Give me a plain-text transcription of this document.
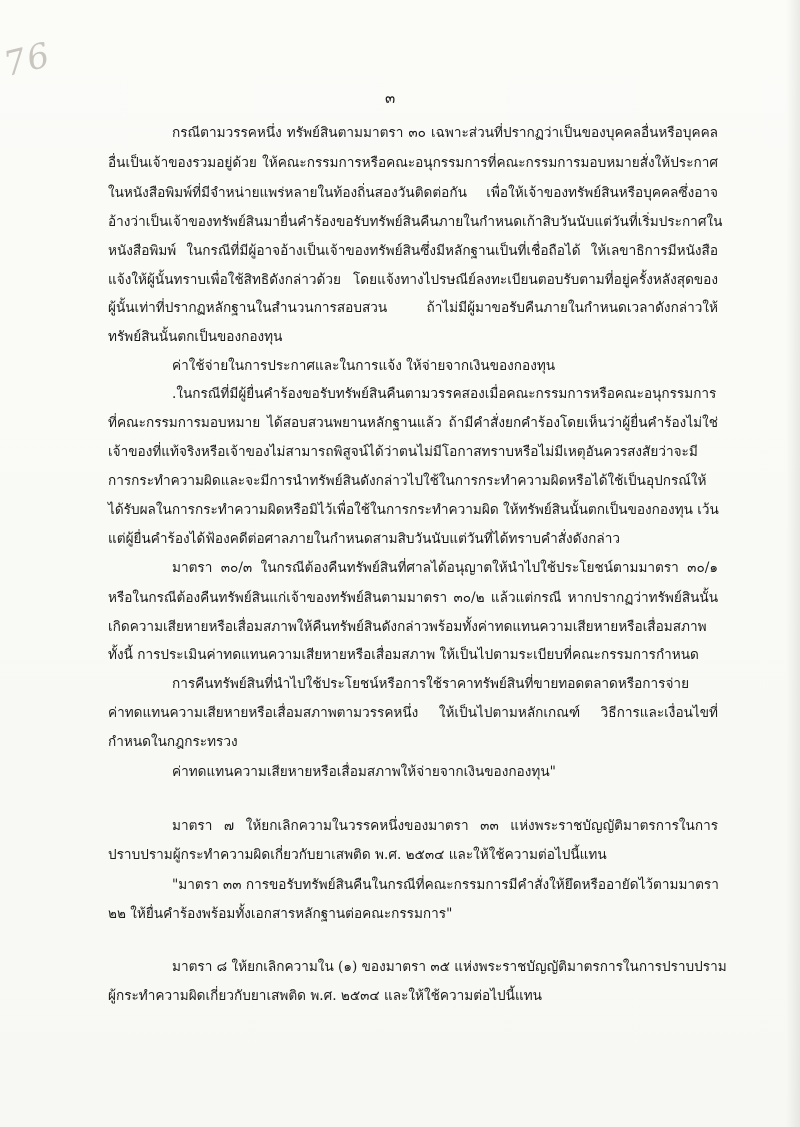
76
๓
กรณีตามวรรคหนึ่ง ทรัพย์สินตามมาตรา ๓๐ เฉพาะส่วนที่ปรากฏว่าเป็นของบุคคลอื่นหรือบุคคล
อื่นเป็นเจ้าของรวมอยู่ด้วย ให้คณะกรรมการหรือคณะอนุกรรมการที่คณะกรรมการมอบหมายสั่งให้ประกาศ
ในหนังสือพิมพ์ที่มีจำหน่ายแพร่หลายในท้องถิ่นสองวันติดต่อกัน เพื่อให้เจ้าของทรัพย์สินหรือบุคคลซึ่งอาจ
อ้างว่าเป็นเจ้าของทรัพย์สินมายื่นคำร้องขอรับทรัพย์สินคืนภายในกำหนดเก้าสิบวันนับแต่วันที่เริ่มประกาศใน
หนังสือพิมพ์ ในกรณีที่มีผู้อาจอ้างเป็นเจ้าของทรัพย์สินซึ่งมีหลักฐานเป็นที่เชื่อถือได้ ให้เลขาธิการมีหนังสือ
แจ้งให้ผู้นั้นทราบเพื่อใช้สิทธิดังกล่าวด้วย โดยแจ้งทางไปรษณีย์ลงทะเบียนตอบรับตามที่อยู่ครั้งหลังสุดของ
ผู้นั้นเท่าที่ปรากฏหลักฐานในสำนวนการสอบสวน ถ้าไม่มีผู้มาขอรับคืนภายในกำหนดเวลาดังกล่าวให้
ทรัพย์สินนั้นตกเป็นของกองทุน
ค่าใช้จ่ายในการประกาศและในการแจ้ง ให้จ่ายจากเงินของกองทุน
.ในกรณีที่มีผู้ยื่นคำร้องขอรับทรัพย์สินคืนตามวรรคสองเมื่อคณะกรรมการหรือคณะอนุกรรมการ
ที่คณะกรรมการมอบหมาย ได้สอบสวนพยานหลักฐานแล้ว ถ้ามีคำสั่งยกคำร้องโดยเห็นว่าผู้ยื่นคำร้องไม่ใช่
เจ้าของที่แท้จริงหรือเจ้าของไม่สามารถพิสูจน์ได้ว่าตนไม่มีโอกาสทราบหรือไม่มีเหตุอันควรสงสัยว่าจะมี
การกระทำความผิดและจะมีการนำทรัพย์สินดังกล่าวไปใช้ในการกระทำความผิดหรือได้ใช้เป็นอุปกรณ์ให้
ได้รับผลในการกระทำความผิดหรือมิไว้เพื่อใช้ในการกระทำความผิด ให้ทรัพย์สินนั้นตกเป็นของกองทุน เว้น
แต่ผู้ยื่นคำร้องได้ฟ้องคดีต่อศาลภายในกำหนดสามสิบวันนับแต่วันที่ได้ทราบคำสั่งดังกล่าว
มาตรา ๓๐/๓ ในกรณีต้องคืนทรัพย์สินที่ศาลได้อนุญาตให้นำไปใช้ประโยชน์ตามมาตรา ๓๐/๑
หรือในกรณีต้องคืนทรัพย์สินแก่เจ้าของทรัพย์สินตามมาตรา ๓๐/๒ แล้วแต่กรณี หากปรากฏว่าทรัพย์สินนั้น
เกิดความเสียหายหรือเสื่อมสภาพให้คืนทรัพย์สินดังกล่าวพร้อมทั้งค่าทดแทนความเสียหายหรือเสื่อมสภาพ
ทั้งนี้ การประเมินค่าทดแทนความเสียหายหรือเสื่อมสภาพ ให้เป็นไปตามระเบียบที่คณะกรรมการกำหนด
การคืนทรัพย์สินที่นำไปใช้ประโยชน์หรือการใช้ราคาทรัพย์สินที่ขายทอดตลาดหรือการจ่าย
ค่าทดแทนความเสียหายหรือเสื่อมสภาพตามวรรคหนึ่ง ให้เป็นไปตามหลักเกณฑ์ วิธีการและเงื่อนไขที่
กำหนดในกฎกระทรวง
ค่าทดแทนความเสียหายหรือเสื่อมสภาพให้จ่ายจากเงินของกองทุน"
มาตรา ๗ ให้ยกเลิกความในวรรคหนึ่งของมาตรา ๓๓ แห่งพระราชบัญญัติมาตรการในการ
ปราบปรามผู้กระทำความผิดเกี่ยวกับยาเสพติด พ.ศ. ๒๕๓๔ และให้ใช้ความต่อไปนี้แทน
"มาตรา ๓๓ การขอรับทรัพย์สินคืนในกรณีที่คณะกรรมการมีคำสั่งให้ยึดหรืออายัดไว้ตามมาตรา
๒๒ ให้ยื่นคำร้องพร้อมทั้งเอกสารหลักฐานต่อคณะกรรมการ"
มาตรา ๘ ให้ยกเลิกความใน (๑) ของมาตรา ๓๕ แห่งพระราชบัญญัติมาตรการในการปราบปราม
ผู้กระทำความผิดเกี่ยวกับยาเสพติด พ.ศ. ๒๕๓๔ และให้ใช้ความต่อไปนี้แทน
